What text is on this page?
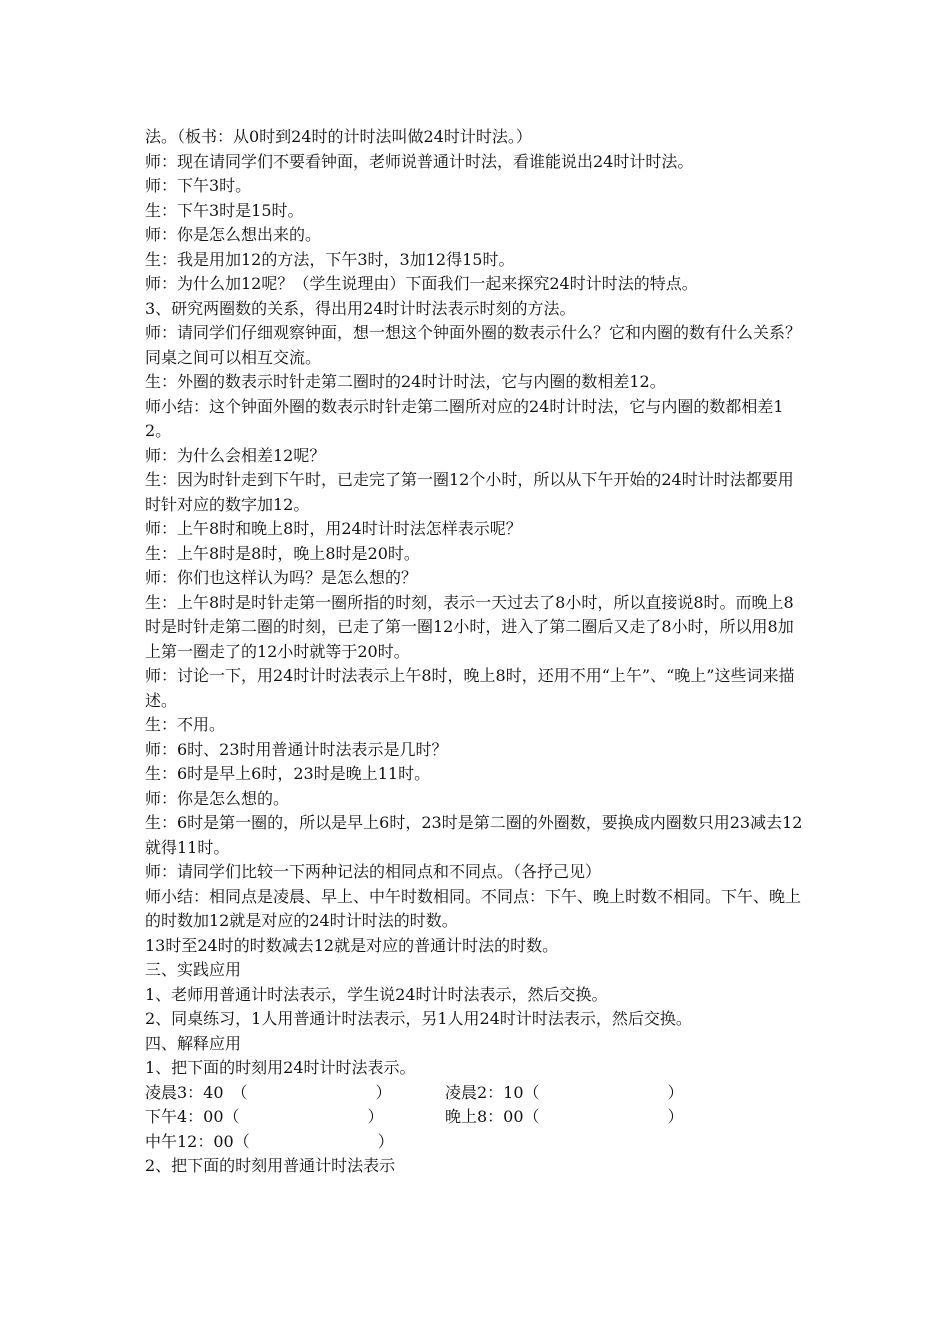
法。（板书：从0时到24时的计时法叫做24时计时法。）

师：现在请同学们不要看钟面，老师说普通计时法，看谁能说出24时计时法。

师：下午3时。

生：下午3时是15时。

师：你是怎么想出来的。

生：我是用加12的方法，下午3时，3加12得15时。

师：为什么加12呢？（学生说理由）下面我们一起来探究24时计时法的特点。

3、研究两圈数的关系，得出用24时计时法表示时刻的方法。

师：请同学们仔细观察钟面，想一想这个钟面外圈的数表示什么？它和内圈的数有什么关系？同桌之间可以相互交流。

生：外圈的数表示时针走第二圈时的24时计时法，它与内圈的数相差12。

师小结：这个钟面外圈的数表示时针走第二圈所对应的24时计时法，它与内圈的数都相差12。

师：为什么会相差12呢？

生：因为时针走到下午时，已走完了第一圈12个小时，所以从下午开始的24时计时法都要用时针对应的数字加12。

师：上午8时和晚上8时，用24时计时法怎样表示呢？

生：上午8时是8时，晚上8时是20时。

师：你们也这样认为吗？是怎么想的？

生：上午8时是时针走第一圈所指的时刻，表示一天过去了8小时，所以直接说8时。而晚上8时是时针走第二圈的时刻，已走了第一圈12小时，进入了第二圈后又走了8小时，所以用8加上第一圈走了的12小时就等于20时。

师：讨论一下，用24时计时法表示上午8时，晚上8时，还用不用“上午”、“晚上”这些词来描述。

生：不用。

师：6时、23时用普通计时法表示是几时？

生：6时是早上6时，23时是晚上11时。

师：你是怎么想的。

生：6时是第一圈的，所以是早上6时，23时是第二圈的外圈数，要换成内圈数只用23减去12就得11时。

师：请同学们比较一下两种记法的相同点和不同点。（各抒己见）

师小结：相同点是凌晨、早上、中午时数相同。不同点：下午、晚上时数不相同。下午、晚上的时数加12就是对应的24时计时法的时数。

13时至24时的时数减去12就是对应的普通计时法的时数。

三、实践应用

1、老师用普通计时法表示，学生说24时计时法表示，然后交换。

2、同桌练习，1人用普通计时法表示，另1人用24时计时法表示，然后交换。

四、解释应用

1、把下面的时刻用24时计时法表示。

凌晨3：40 　（　　　　　　　　）	凌晨2：10 （　　　　　　　　）
下午4：00 （　　　　　　　　）	晚上8：00 （　　　　　　　　）
中午12：00 （　　　　　　　　）

2、把下面的时刻用普通计时法表示
